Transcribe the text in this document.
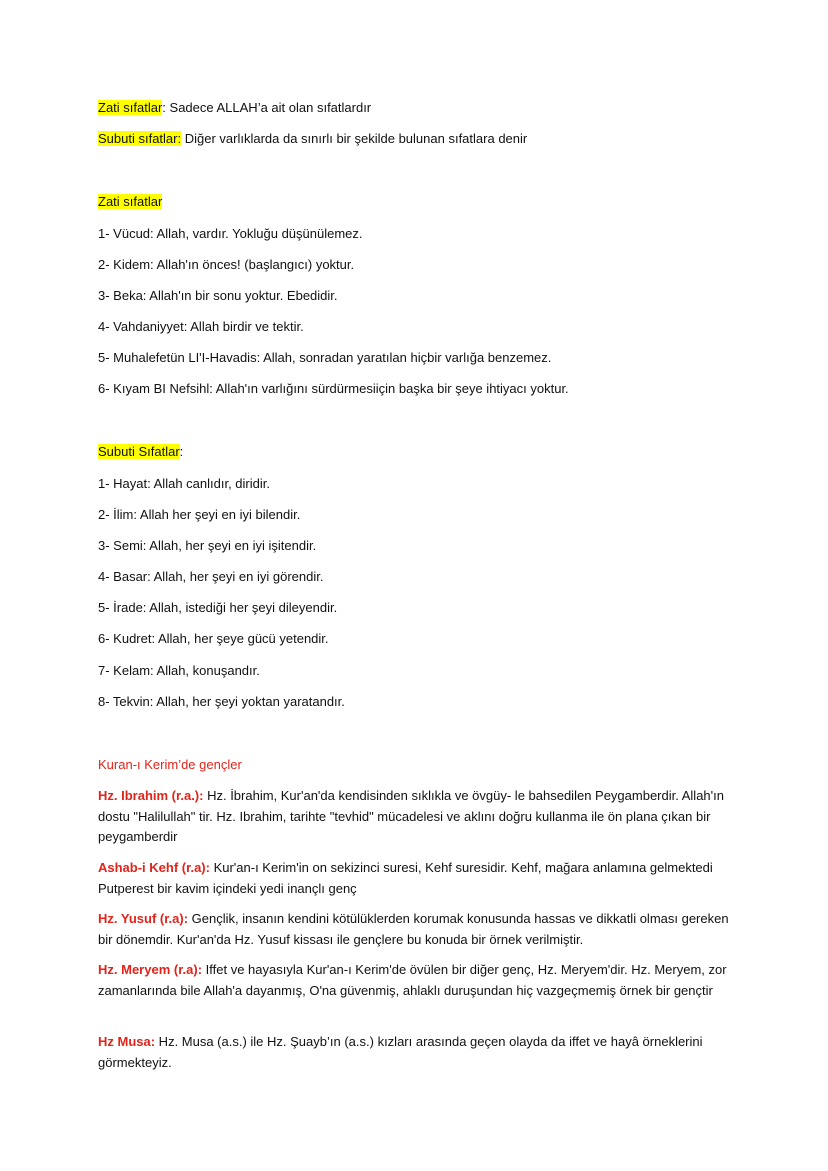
Zati sıfatlar: Sadece ALLAH’a ait olan sıfatlardır
Subuti sıfatlar: Diğer varlıklarda da sınırlı bir şekilde bulunan sıfatlara denir
Zati sıfatlar
1- Vücud: Allah, vardır. Yokluğu düşünülemez.
2- Kidem: Allah'ın önces! (başlangıcı) yoktur.
3- Beka: Allah'ın bir sonu yoktur. Ebedidir.
4- Vahdaniyyet: Allah birdir ve tektir.
5- Muhalefetün LI'I-Havadis: Allah, sonradan yaratılan hiçbir varlığa benzemez.
6- Kıyam BI Nefsihl: Allah'ın varlığını sürdürmesiiçin başka bir şeye ihtiyacı yoktur.
Subuti Sıfatlar:
1- Hayat: Allah canlıdır, diridir.
2- İlim: Allah her şeyi en iyi bilendir.
3- Semi: Allah, her şeyi en iyi işitendir.
4- Basar: Allah, her şeyi en iyi görendir.
5- İrade: Allah, istediği her şeyi dileyendir.
6- Kudret: Allah, her şeye gücü yetendir.
7- Kelam: Allah, konuşandır.
8- Tekvin: Allah, her şeyi yoktan yaratandır.
Kuran-ı Kerim’de gençler
Hz. Ibrahim (r.a.): Hz. İbrahim, Kur'an'da kendisinden sıklıkla ve övgüy- le bahsedilen Peygamberdir. Allah'ın dostu "Halilullah" tir. Hz. Ibrahim, tarihte "tevhid" mücadelesi ve aklını doğru kullanma ile ön plana çıkan bir peygamberdir
Ashab-i Kehf (r.a): Kur'an-ı Kerim'in on sekizinci suresi, Kehf suresidir. Kehf, mağara anlamına gelmektedi Putperest bir kavim içindeki yedi inançlı genç
Hz. Yusuf (r.a): Gençlik, insanın kendini kötülüklerden korumak konusunda hassas ve dikkatli olması gereken bir dönemdir. Kur'an'da Hz. Yusuf kissası ile gençlere bu konuda bir örnek verilmiştir.
Hz. Meryem (r.a): Iffet ve hayasıyla Kur'an-ı Kerim'de övülen bir diğer genç, Hz. Meryem'dir. Hz. Meryem, zor zamanlarında bile Allah'a dayanmış, O'na güvenmiş, ahlaklı duruşundan hiç vazgeçmemiş örnek bir gençtir
Hz Musa: Hz. Musa (a.s.) ile Hz. Şuayb’ın (a.s.) kızları arasında geçen olayda da iffet ve hayâ örneklerini görmekteyiz.
